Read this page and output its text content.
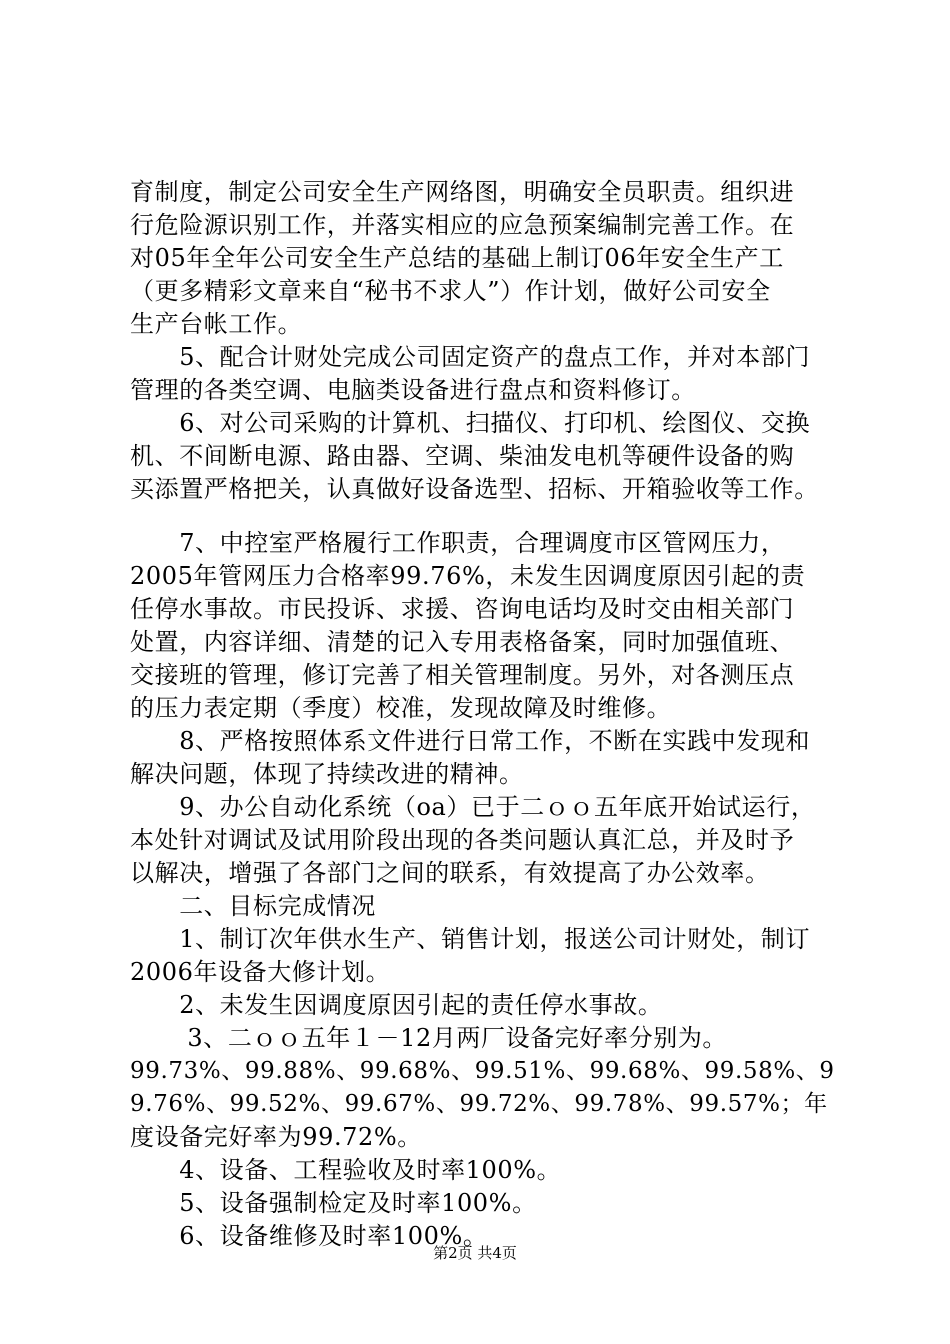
育制度，制定公司安全生产网络图，明确安全员职责。组织进
行危险源识别工作，并落实相应的应急预案编制完善工作。在
对05年全年公司安全生产总结的基础上制订06年安全生产工
（更多精彩文章来自“秘书不求人”）作计划，做好公司安全
生产台帐工作。
　　5、配合计财处完成公司固定资产的盘点工作，并对本部门
管理的各类空调、电脑类设备进行盘点和资料修订。
　　6、对公司采购的计算机、扫描仪、打印机、绘图仪、交换
机、不间断电源、路由器、空调、柴油发电机等硬件设备的购
买添置严格把关，认真做好设备选型、招标、开箱验收等工作。
　　7、中控室严格履行工作职责，合理调度市区管网压力，
2005年管网压力合格率99.76%，未发生因调度原因引起的责
任停水事故。市民投诉、求援、咨询电话均及时交由相关部门
处置，内容详细、清楚的记入专用表格备案，同时加强值班、
交接班的管理，修订完善了相关管理制度。另外，对各测压点
的压力表定期（季度）校准，发现故障及时维修。
　　8、严格按照体系文件进行日常工作，不断在实践中发现和
解决问题，体现了持续改进的精神。
　　9、办公自动化系统（oa）已于二ｏｏ五年底开始试运行，
本处针对调试及试用阶段出现的各类问题认真汇总，并及时予
以解决，增强了各部门之间的联系，有效提高了办公效率。
　　二、目标完成情况
　　1、制订次年供水生产、销售计划，报送公司计财处，制订
2006年设备大修计划。
　　2、未发生因调度原因引起的责任停水事故。
　　 3、二ｏｏ五年１－12月两厂设备完好率分别为。
99.73%、99.88%、99.68%、99.51%、99.68%、99.58%、9
9.76%、99.52%、99.67%、99.72%、99.78%、99.57%；年
度设备完好率为99.72%。
　　4、设备、工程验收及时率100%。
　　5、设备强制检定及时率100%。
　　6、设备维修及时率100%。
第2页 共4页
